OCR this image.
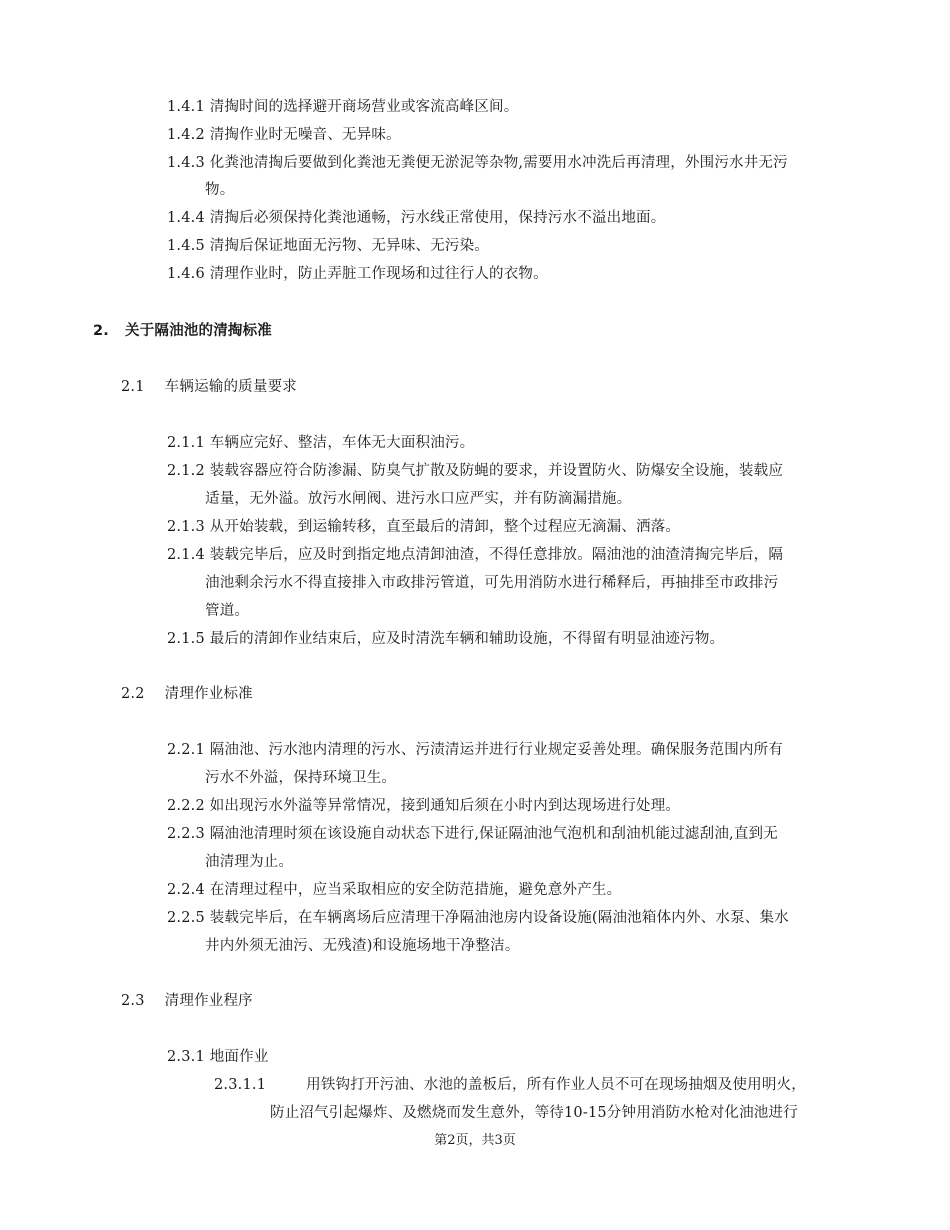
1.4.1 清掏时间的选择避开商场营业或客流高峰区间。
1.4.2 清掏作业时无噪音、无异味。
1.4.3 化粪池清掏后要做到化粪池无粪便无淤泥等杂物,需要用水冲洗后再清理，外围污水井无污
物。
1.4.4 清掏后必须保持化粪池通畅，污水线正常使用，保持污水不溢出地面。
1.4.5 清掏后保证地面无污物、无异味、无污染。
1.4.6 清理作业时，防止弄脏工作现场和过往行人的衣物。
2. 关于隔油池的清掏标准
2.1 车辆运输的质量要求
2.1.1 车辆应完好、整洁，车体无大面积油污。
2.1.2 装载容器应符合防渗漏、防臭气扩散及防蝇的要求，并设置防火、防爆安全设施，装载应
适量，无外溢。放污水闸阀、进污水口应严实，并有防滴漏措施。
2.1.3 从开始装载，到运输转移，直至最后的清卸，整个过程应无滴漏、洒落。
2.1.4 装载完毕后，应及时到指定地点清卸油渣，不得任意排放。隔油池的油渣清掏完毕后，隔
油池剩余污水不得直接排入市政排污管道，可先用消防水进行稀释后，再抽排至市政排污
管道。
2.1.5 最后的清卸作业结束后，应及时清洗车辆和辅助设施，不得留有明显油迹污物。
2.2 清理作业标准
2.2.1 隔油池、污水池内清理的污水、污渍清运并进行行业规定妥善处理。确保服务范围内所有
污水不外溢，保持环境卫生。
2.2.2 如出现污水外溢等异常情况，接到通知后须在小时内到达现场进行处理。
2.2.3 隔油池清理时须在该设施自动状态下进行,保证隔油池气泡机和刮油机能过滤刮油,直到无
油清理为止。
2.2.4 在清理过程中，应当采取相应的安全防范措施，避免意外产生。
2.2.5 装载完毕后，在车辆离场后应清理干净隔油池房内设备设施(隔油池箱体内外、水泵、集水
井内外须无油污、无残渣)和设施场地干净整洁。
2.3 清理作业程序
2.3.1 地面作业
2.3.1.1	用铁钩打开污油、水池的盖板后，所有作业人员不可在现场抽烟及使用明火，
防止沼气引起爆炸、及燃烧而发生意外，等待10-15分钟用消防水枪对化油池进行
第2页，共3页
